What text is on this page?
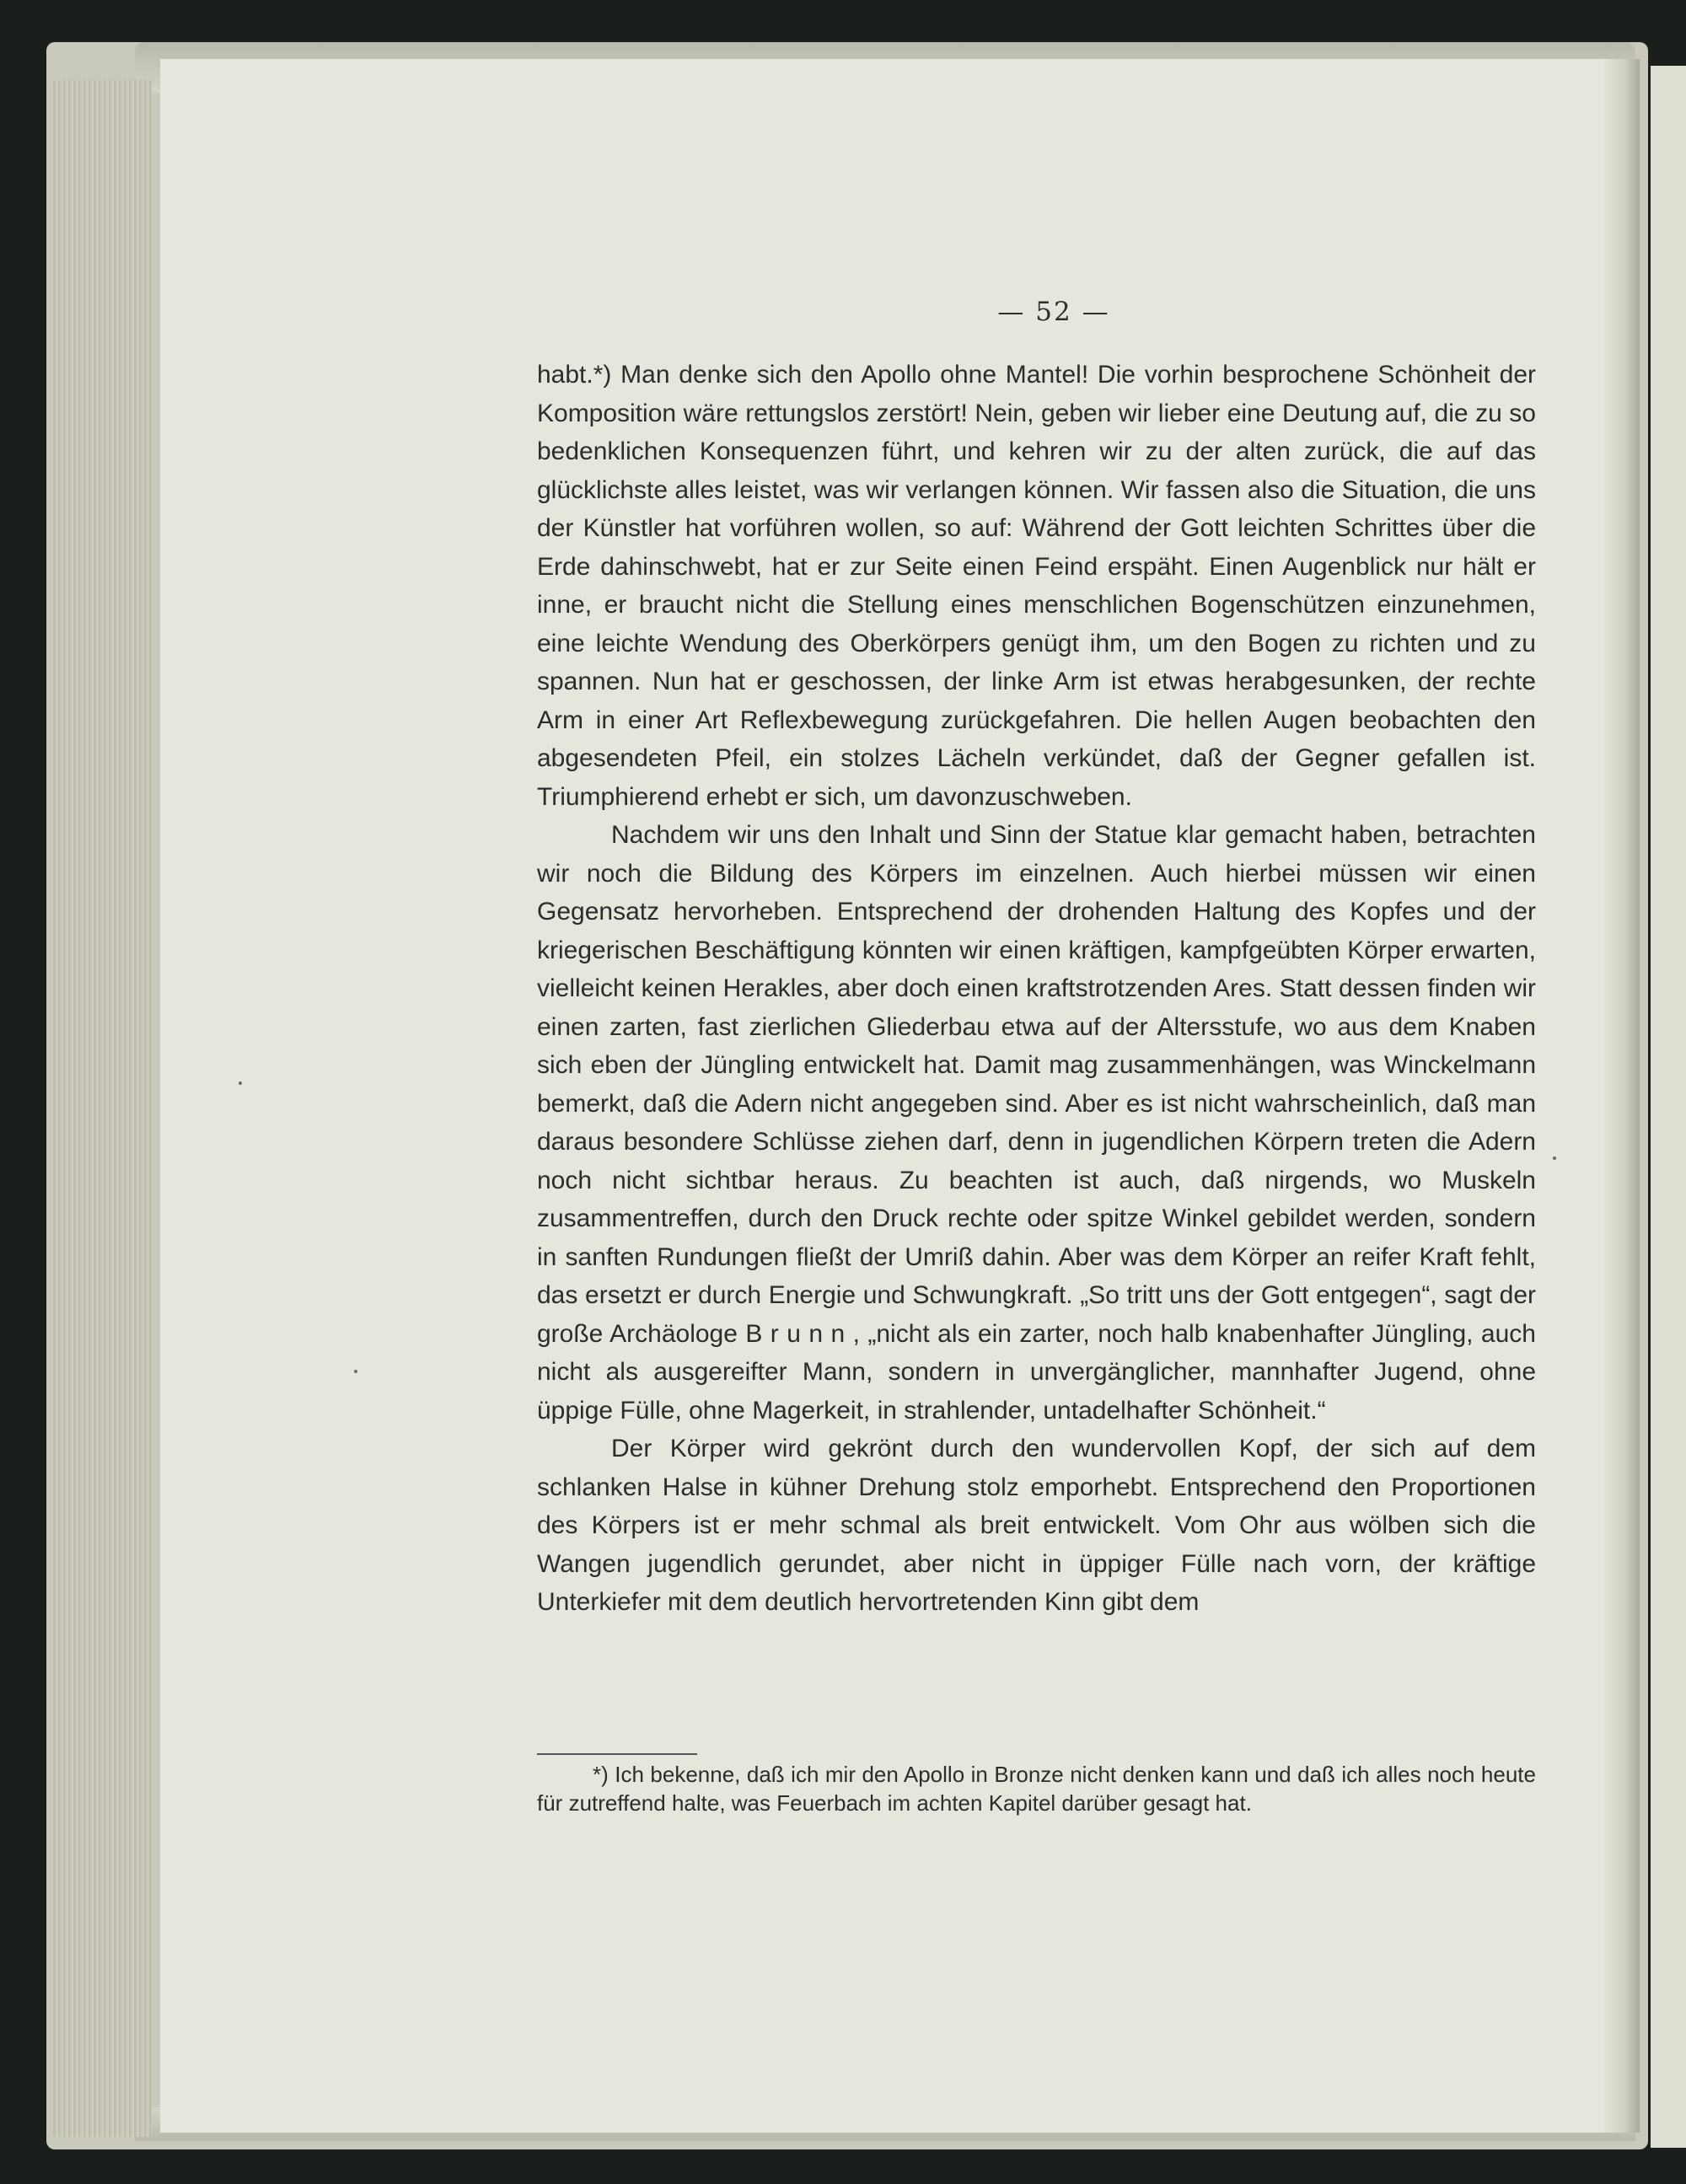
— 52 —

habt.*) Man denke sich den Apollo ohne Mantel! Die vorhin besprochene Schönheit der Komposition wäre rettungslos zerstört! Nein, geben wir lieber eine Deutung auf, die zu so bedenklichen Konsequenzen führt, und kehren wir zu der alten zurück, die auf das glücklichste alles leistet, was wir verlangen können. Wir fassen also die Situation, die uns der Künstler hat vorführen wollen, so auf: Während der Gott leichten Schrittes über die Erde dahinschwebt, hat er zur Seite einen Feind erspäht. Einen Augenblick nur hält er inne, er braucht nicht die Stellung eines menschlichen Bogenschützen einzunehmen, eine leichte Wendung des Oberkörpers genügt ihm, um den Bogen zu richten und zu spannen. Nun hat er geschossen, der linke Arm ist etwas herabgesunken, der rechte Arm in einer Art Reflexbewegung zurückgefahren. Die hellen Augen beobachten den abgesendeten Pfeil, ein stolzes Lächeln verkündet, daß der Gegner gefallen ist. Triumphierend erhebt er sich, um davonzuschweben.

Nachdem wir uns den Inhalt und Sinn der Statue klar gemacht haben, betrachten wir noch die Bildung des Körpers im einzelnen. Auch hierbei müssen wir einen Gegensatz hervorheben. Entsprechend der drohenden Haltung des Kopfes und der kriegerischen Beschäftigung könnten wir einen kräftigen, kampfgeübten Körper erwarten, vielleicht keinen Herakles, aber doch einen kraftstrotzenden Ares. Statt dessen finden wir einen zarten, fast zierlichen Gliederbau etwa auf der Altersstufe, wo aus dem Knaben sich eben der Jüngling entwickelt hat. Damit mag zusammenhängen, was Winckelmann bemerkt, daß die Adern nicht angegeben sind. Aber es ist nicht wahrscheinlich, daß man daraus besondere Schlüsse ziehen darf, denn in jugendlichen Körpern treten die Adern noch nicht sichtbar heraus. Zu beachten ist auch, daß nirgends, wo Muskeln zusammentreffen, durch den Druck rechte oder spitze Winkel gebildet werden, sondern in sanften Rundungen fließt der Umriß dahin. Aber was dem Körper an reifer Kraft fehlt, das ersetzt er durch Energie und Schwungkraft. „So tritt uns der Gott entgegen“, sagt der große Archäologe B r u n n , „nicht als ein zarter, noch halb knabenhafter Jüngling, auch nicht als ausgereifter Mann, sondern in unvergänglicher, mannhafter Jugend, ohne üppige Fülle, ohne Magerkeit, in strahlender, untadelhafter Schönheit.“

Der Körper wird gekrönt durch den wundervollen Kopf, der sich auf dem schlanken Halse in kühner Drehung stolz emporhebt. Entsprechend den Proportionen des Körpers ist er mehr schmal als breit entwickelt. Vom Ohr aus wölben sich die Wangen jugendlich gerundet, aber nicht in üppiger Fülle nach vorn, der kräftige Unterkiefer mit dem deutlich hervortretenden Kinn gibt dem

*) Ich bekenne, daß ich mir den Apollo in Bronze nicht denken kann und daß ich alles noch heute für zutreffend halte, was Feuerbach im achten Kapitel darüber gesagt hat.
